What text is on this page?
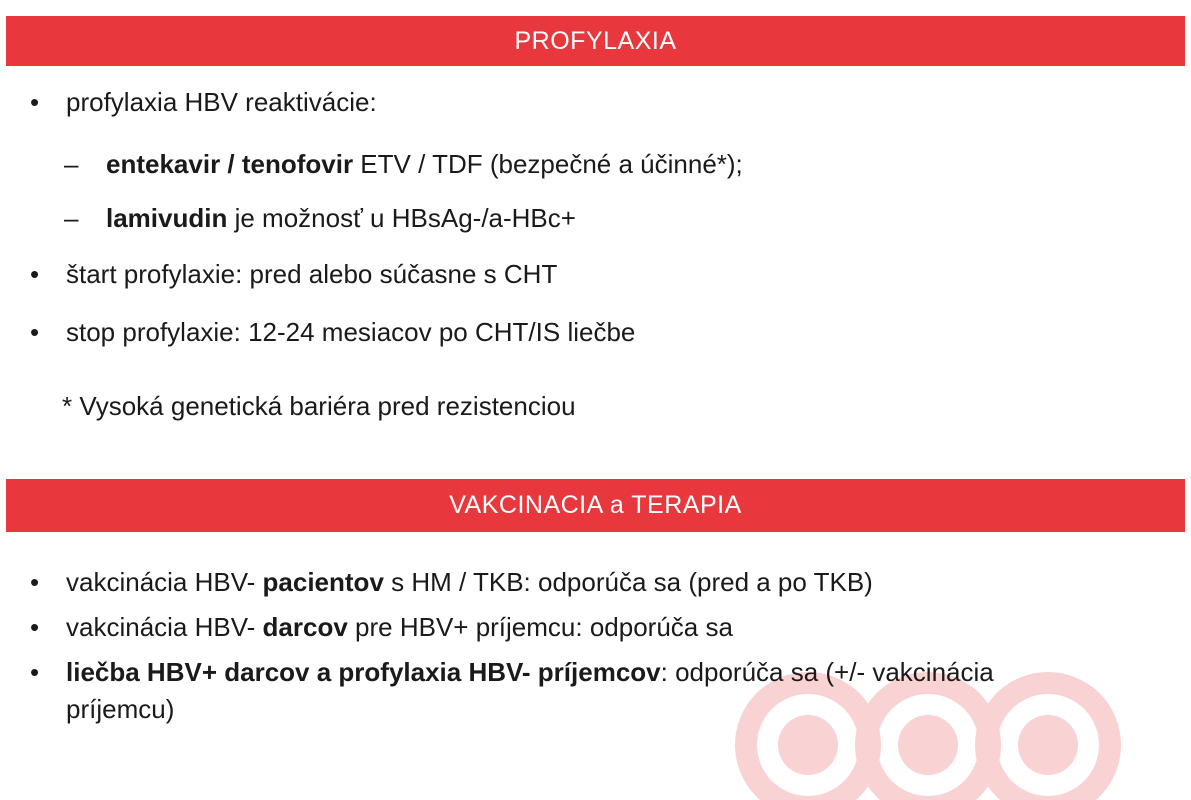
PROFYLAXIA
• profylaxia HBV reaktivácie:
– entekavir / tenofovir ETV / TDF (bezpečné a účinné*);
– lamivudin je možnosť u HBsAg-/a-HBc+
• štart profylaxie: pred alebo súčasne s CHT
• stop profylaxie: 12-24 mesiacov po CHT/IS liečbe
* Vysoká genetická bariéra pred rezistenciou
VAKCINACIA a TERAPIA
• vakcinácia HBV- pacientov s HM / TKB: odporúča sa (pred a po TKB)
• vakcinácia HBV- darcov pre HBV+ príjemcu: odporúča sa
• liečba HBV+ darcov a profylaxia HBV- príjemcov: odporúča sa (+/- vakcinácia
príjemcu)
